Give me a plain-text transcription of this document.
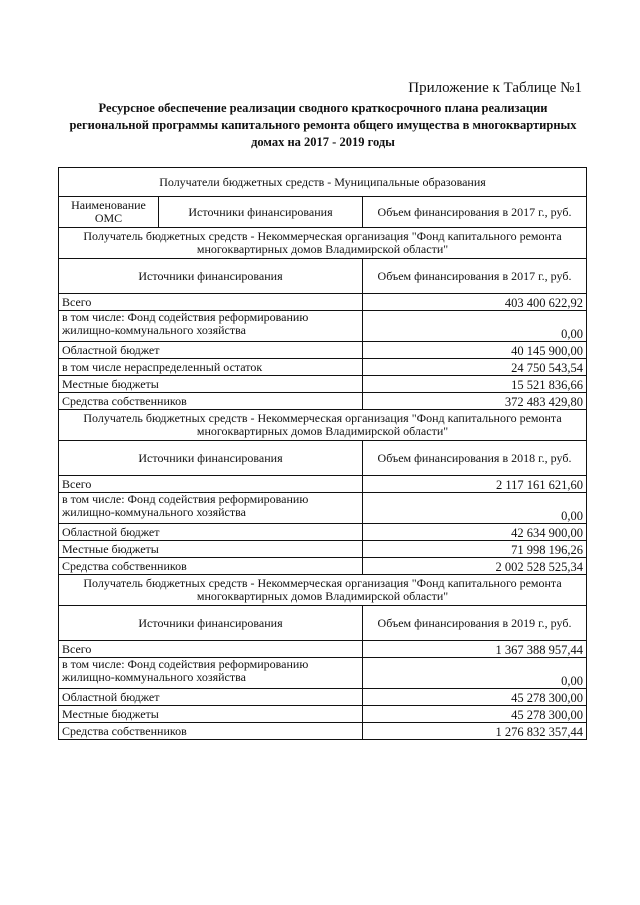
Приложение к Таблице №1
Ресурсное обеспечение реализации сводного краткосрочного плана реализации региональной программы капитального ремонта общего имущества в многоквартирных домах на 2017 - 2019 годы
Получатели бюджетных средств - Муниципальные образования		
Наименование ОМС	Источники финансирования	Объем финансирования в 2017 г., руб.
Получатель бюджетных средств - Некоммерческая организация "Фонд капитального ремонта многоквартирных домов Владимирской области"		
Источники финансирования		Объем финансирования в 2017 г., руб.
Всего		403 400 622,92
в том числе: Фонд содействия реформированию жилищно-коммунального хозяйства		0,00
Областной бюджет		40 145 900,00
в том числе нераспределенный остаток		24 750 543,54
Местные бюджеты		15 521 836,66
Средства собственников		372 483 429,80
Получатель бюджетных средств - Некоммерческая организация "Фонд капитального ремонта многоквартирных домов Владимирской области"		
Источники финансирования		Объем финансирования в 2018 г., руб.
Всего		2 117 161 621,60
в том числе: Фонд содействия реформированию жилищно-коммунального хозяйства		0,00
Областной бюджет		42 634 900,00
Местные бюджеты		71 998 196,26
Средства собственников		2 002 528 525,34
Получатель бюджетных средств - Некоммерческая организация "Фонд капитального ремонта многоквартирных домов Владимирской области"		
Источники финансирования		Объем финансирования в 2019 г., руб.
Всего		1 367 388 957,44
в том числе: Фонд содействия реформированию жилищно-коммунального хозяйства		0,00
Областной бюджет		45 278 300,00
Местные бюджеты		45 278 300,00
Средства собственников		1 276 832 357,44
